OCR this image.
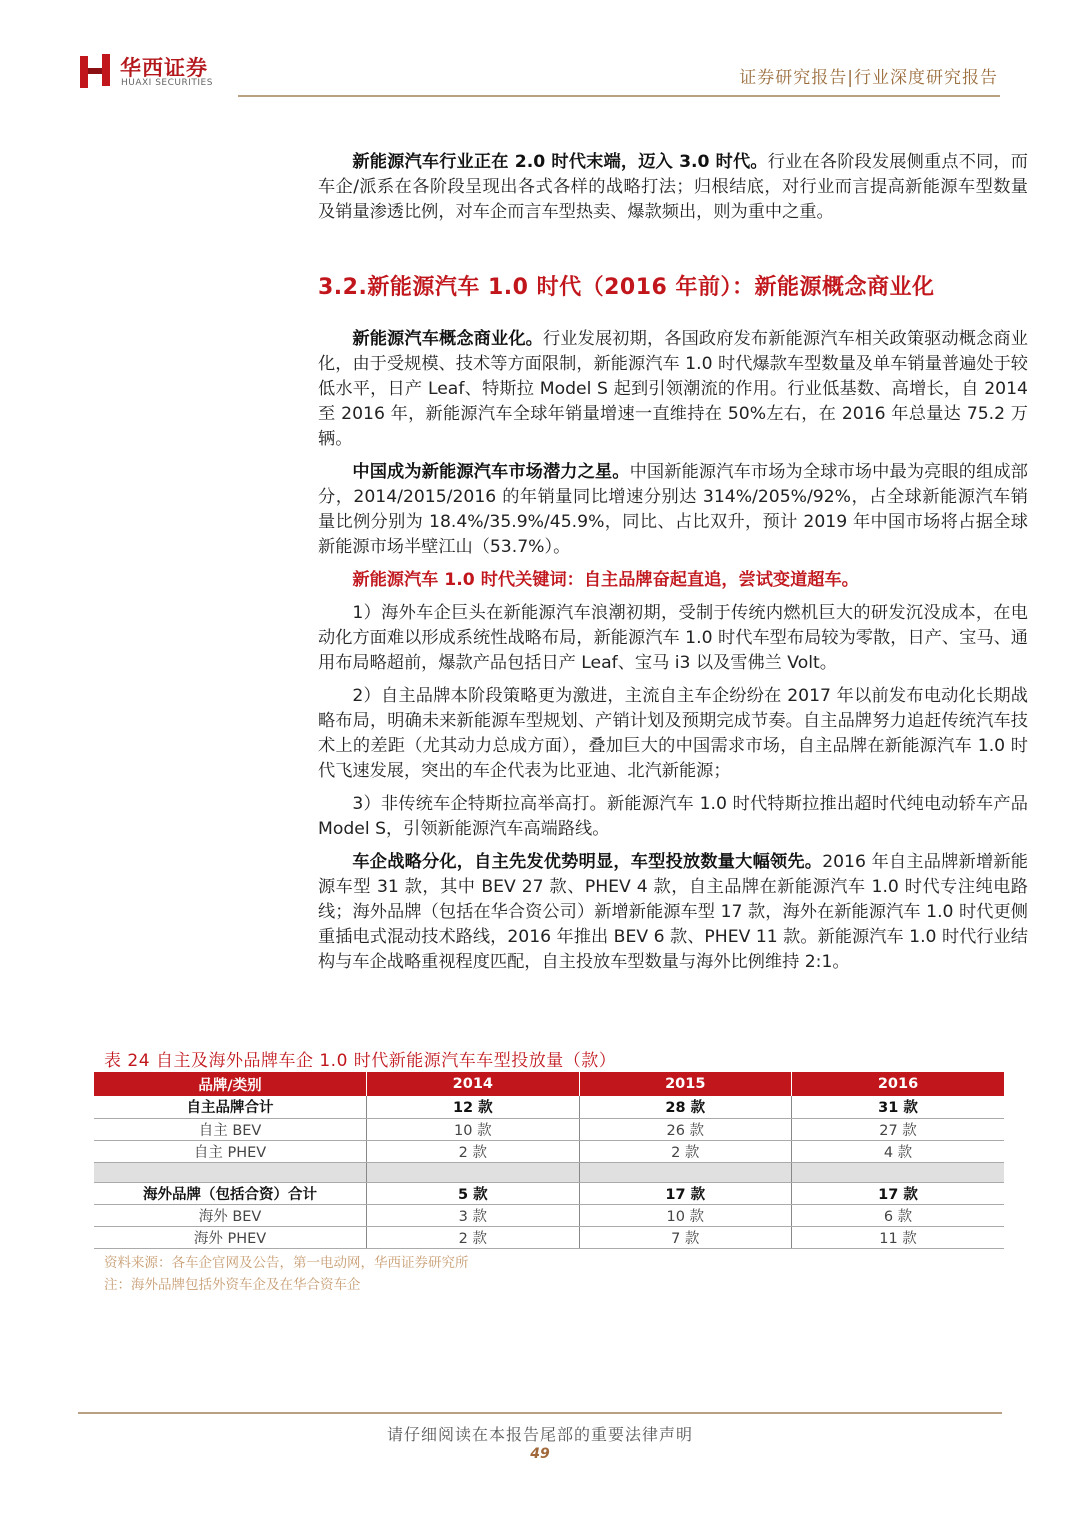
华西证券
HUAXI SECURITIES	证券研究报告|行业深度研究报告

新能源汽车行业正在 2.0 时代末端，迈入 3.0 时代。行业在各阶段发展侧重点不同，而车企/派系在各阶段呈现出各式各样的战略打法；归根结底，对行业而言提高新能源车型数量及销量渗透比例，对车企而言车型热卖、爆款频出，则为重中之重。

3.2.新能源汽车 1.0 时代（2016 年前）：新能源概念商业化

新能源汽车概念商业化。行业发展初期，各国政府发布新能源汽车相关政策驱动概念商业化，由于受规模、技术等方面限制，新能源汽车 1.0 时代爆款车型数量及单车销量普遍处于较低水平，日产 Leaf、特斯拉 Model S 起到引领潮流的作用。行业低基数、高增长，自 2014 至 2016 年，新能源汽车全球年销量增速一直维持在 50%左右，在 2016 年总量达 75.2 万辆。

中国成为新能源汽车市场潜力之星。中国新能源汽车市场为全球市场中最为亮眼的组成部分，2014/2015/2016 的年销量同比增速分别达 314%/205%/92%，占全球新能源汽车销量比例分别为 18.4%/35.9%/45.9%，同比、占比双升，预计 2019 年中国市场将占据全球新能源市场半壁江山（53.7%）。

新能源汽车 1.0 时代关键词：自主品牌奋起直追，尝试变道超车。

1）海外车企巨头在新能源汽车浪潮初期，受制于传统内燃机巨大的研发沉没成本，在电动化方面难以形成系统性战略布局，新能源汽车 1.0 时代车型布局较为零散，日产、宝马、通用布局略超前，爆款产品包括日产 Leaf、宝马 i3 以及雪佛兰 Volt。

2）自主品牌本阶段策略更为激进，主流自主车企纷纷在 2017 年以前发布电动化长期战略布局，明确未来新能源车型规划、产销计划及预期完成节奏。自主品牌努力追赶传统汽车技术上的差距（尤其动力总成方面），叠加巨大的中国需求市场，自主品牌在新能源汽车 1.0 时代飞速发展，突出的车企代表为比亚迪、北汽新能源；

3）非传统车企特斯拉高举高打。新能源汽车 1.0 时代特斯拉推出超时代纯电动轿车产品 Model S，引领新能源汽车高端路线。

车企战略分化，自主先发优势明显，车型投放数量大幅领先。2016 年自主品牌新增新能源车型 31 款，其中 BEV 27 款、PHEV 4 款，自主品牌在新能源汽车 1.0 时代专注纯电路线；海外品牌（包括在华合资公司）新增新能源车型 17 款，海外在新能源汽车 1.0 时代更侧重插电式混动技术路线，2016 年推出 BEV 6 款、PHEV 11 款。新能源汽车 1.0 时代行业结构与车企战略重视程度匹配，自主投放车型数量与海外比例维持 2:1。

表 24 自主及海外品牌车企 1.0 时代新能源汽车车型投放量（款）
品牌/类别	2014	2015	2016
自主品牌合计	12 款	28 款	31 款
自主 BEV	10 款	26 款	27 款
自主 PHEV	2 款	2 款	4 款

海外品牌（包括合资）合计	5 款	17 款	17 款
海外 BEV	3 款	10 款	6 款
海外 PHEV	2 款	7 款	11 款
资料来源：各车企官网及公告，第一电动网，华西证券研究所
注：海外品牌包括外资车企及在华合资车企
请仔细阅读在本报告尾部的重要法律声明
49
